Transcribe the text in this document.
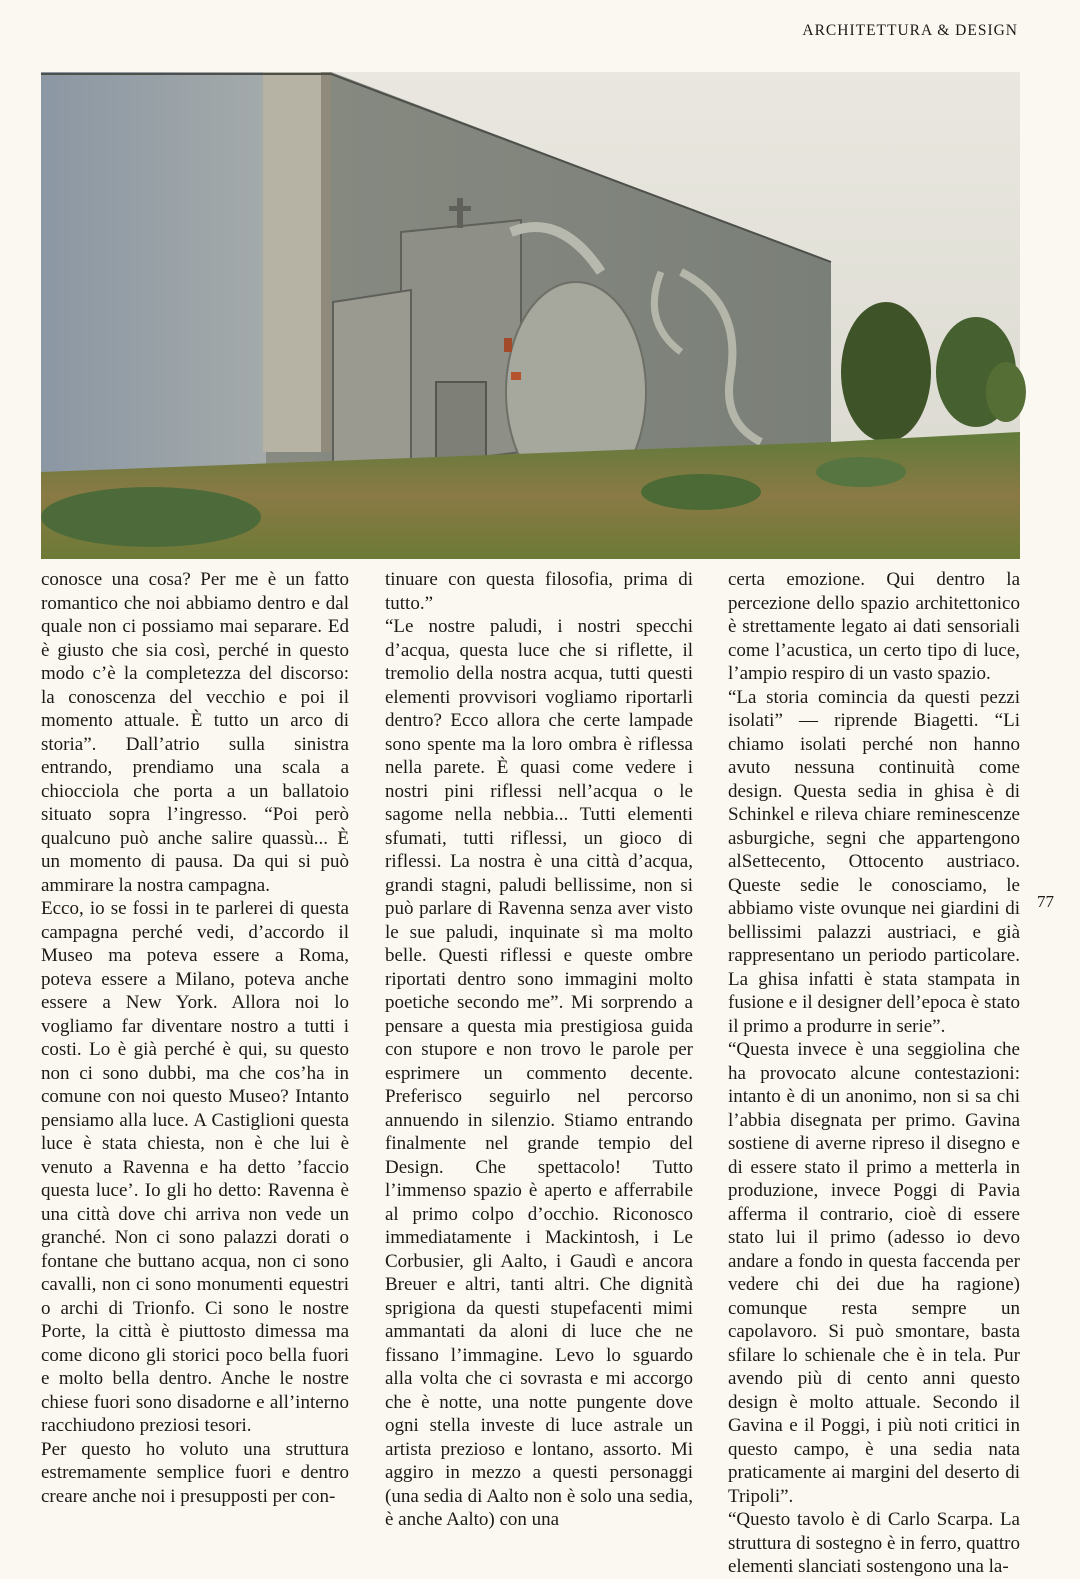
ARCHITETTURA & DESIGN

conosce una cosa? Per me è un fatto romantico che noi abbiamo dentro e dal quale non ci possiamo mai separare. Ed è giusto che sia così, perché in questo modo c’è la completezza del discorso: la conoscenza del vecchio e poi il momento attuale. È tutto un arco di storia”. Dall’atrio sulla sinistra entrando, prendiamo una scala a chiocciola che porta a un ballatoio situato sopra l’ingresso. “Poi però qualcuno può anche salire quassù... È un momento di pausa. Da qui si può ammirare la nostra campagna.

Ecco, io se fossi in te parlerei di questa campagna perché vedi, d’accordo il Museo ma poteva essere a Roma, poteva essere a Milano, poteva anche essere a New York. Allora noi lo vogliamo far diventare nostro a tutti i costi. Lo è già perché è qui, su questo non ci sono dubbi, ma che cos’ha in comune con noi questo Museo? Intanto pensiamo alla luce. A Castiglioni questa luce è stata chiesta, non è che lui è venuto a Ravenna e ha detto ’faccio questa luce’. Io gli ho detto: Ravenna è una città dove chi arriva non vede un granché. Non ci sono palazzi dorati o fontane che buttano acqua, non ci sono cavalli, non ci sono monumenti equestri o archi di Trionfo. Ci sono le nostre Porte, la città è piuttosto dimessa ma come dicono gli storici poco bella fuori e molto bella dentro. Anche le nostre chiese fuori sono disadorne e all’interno racchiudono preziosi tesori.

Per questo ho voluto una struttura estremamente semplice fuori e dentro creare anche noi i presupposti per con-

tinuare con questa filosofia, prima di tutto.”

“Le nostre paludi, i nostri specchi d’acqua, questa luce che si riflette, il tremolio della nostra acqua, tutti questi elementi provvisori vogliamo riportarli dentro? Ecco allora che certe lampade sono spente ma la loro ombra è riflessa nella parete. È quasi come vedere i nostri pini riflessi nell’acqua o le sagome nella nebbia... Tutti elementi sfumati, tutti riflessi, un gioco di riflessi. La nostra è una città d’acqua, grandi stagni, paludi bellissime, non si può parlare di Ravenna senza aver visto le sue paludi, inquinate sì ma molto belle. Questi riflessi e queste ombre riportati dentro sono immagini molto poetiche secondo me”. Mi sorprendo a pensare a questa mia prestigiosa guida con stupore e non trovo le parole per esprimere un commento decente. Preferisco seguirlo nel percorso annuendo in silenzio. Stiamo entrando finalmente nel grande tempio del Design. Che spettacolo! Tutto l’immenso spazio è aperto e afferrabile al primo colpo d’occhio. Riconosco immediatamente i Mackintosh, i Le Corbusier, gli Aalto, i Gaudì e ancora Breuer e altri, tanti altri. Che dignità sprigiona da questi stupefacenti mimi ammantati da aloni di luce che ne fissano l’immagine. Levo lo sguardo alla volta che ci sovrasta e mi accorgo che è notte, una notte pungente dove ogni stella investe di luce astrale un artista prezioso e lontano, assorto. Mi aggiro in mezzo a questi personaggi (una sedia di Aalto non è solo una sedia, è anche Aalto) con una

certa emozione. Qui dentro la percezione dello spazio architettonico è strettamente legato ai dati sensoriali come l’acustica, un certo tipo di luce, l’ampio respiro di un vasto spazio.

“La storia comincia da questi pezzi isolati” — riprende Biagetti. “Li chiamo isolati perché non hanno avuto nessuna continuità come design. Questa sedia in ghisa è di Schinkel e rileva chiare reminescenze asburgiche, segni che appartengono alSettecento, Ottocento austriaco. Queste sedie le conosciamo, le abbiamo viste ovunque nei giardini di bellissimi palazzi austriaci, e già rappresentano un periodo particolare. La ghisa infatti è stata stampata in fusione e il designer dell’epoca è stato il primo a produrre in serie”.

“Questa invece è una seggiolina che ha provocato alcune contestazioni: intanto è di un anonimo, non si sa chi l’abbia disegnata per primo. Gavina sostiene di averne ripreso il disegno e di essere stato il primo a metterla in produzione, invece Poggi di Pavia afferma il contrario, cioè di essere stato lui il primo (adesso io devo andare a fondo in questa faccenda per vedere chi dei due ha ragione) comunque resta sempre un capolavoro. Si può smontare, basta sfilare lo schienale che è in tela. Pur avendo più di cento anni questo design è molto attuale. Secondo il Gavina e il Poggi, i più noti critici in questo campo, è una sedia nata praticamente ai margini del deserto di Tripoli”.

“Questo tavolo è di Carlo Scarpa. La struttura di sostegno è in ferro, quattro elementi slanciati sostengono una la-

77
